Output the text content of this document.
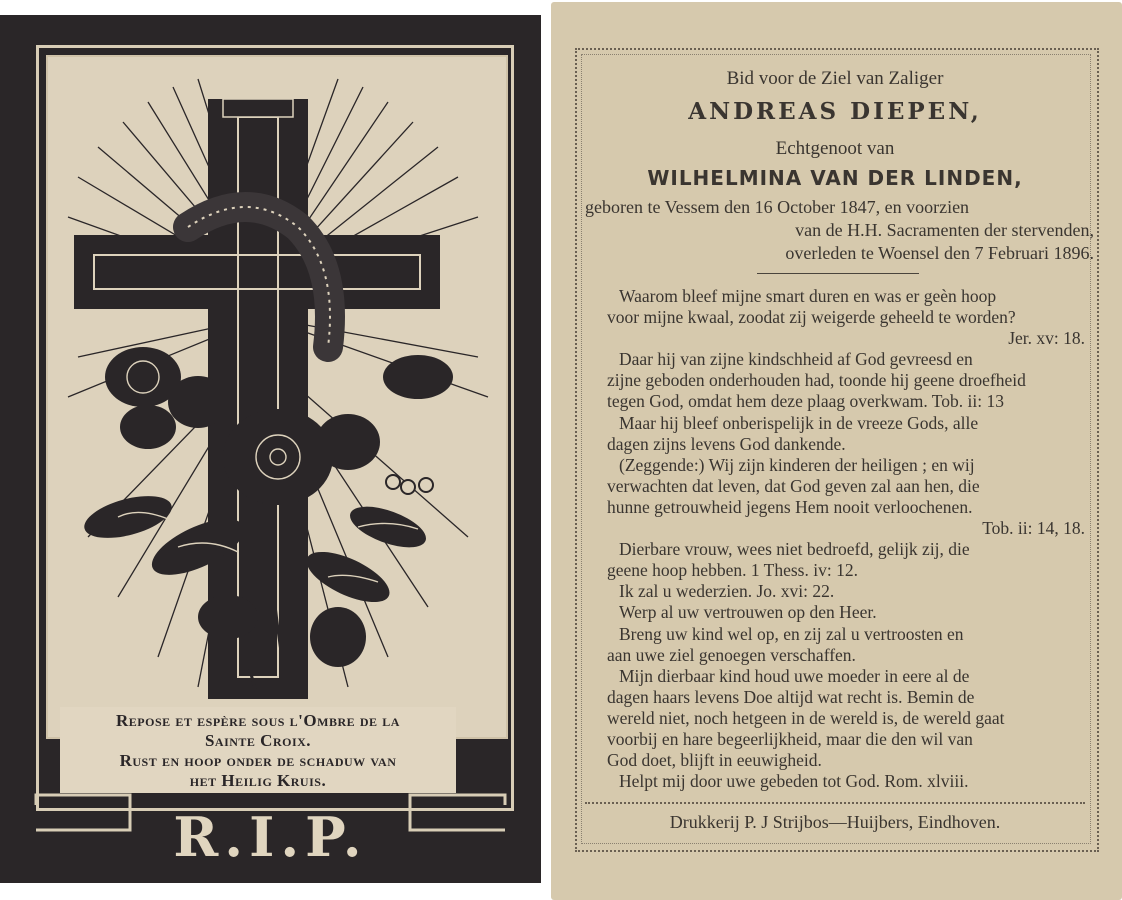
Repose et espère sous l'Ombre de la
Sainte Croix.
Rust en hoop onder de schaduw van
het Heilig Kruis.
R.I.P.
Bid voor de Ziel van Zaliger
ANDREAS DIEPEN,
Echtgenoot van
WILHELMINA VAN DER LINDEN,
geboren te Vessem den 16 October 1847, en voorzien
van de H.H. Sacramenten der stervenden,
overleden te Woensel den 7 Februari 1896.
Waarom bleef mijne smart duren en was er geèn hoop
voor mijne kwaal, zoodat zij weigerde geheeld te worden?
Jer. xv: 18.
Daar hij van zijne kindschheid af God gevreesd en
zijne geboden onderhouden had, toonde hij geene droefheid
tegen God, omdat hem deze plaag overkwam. Tob. ii: 13
Maar hij bleef onberispelijk in de vreeze Gods, alle
dagen zijns levens God dankende.
(Zeggende:) Wij zijn kinderen der heiligen ; en wij
verwachten dat leven, dat God geven zal aan hen, die
hunne getrouwheid jegens Hem nooit verloochenen.
Tob. ii: 14, 18.
Dierbare vrouw, wees niet bedroefd, gelijk zij, die
geene hoop hebben. 1 Thess. iv: 12.
Ik zal u wederzien. Jo. xvi: 22.
Werp al uw vertrouwen op den Heer.
Breng uw kind wel op, en zij zal u vertroosten en
aan uwe ziel genoegen verschaffen.
Mijn dierbaar kind houd uwe moeder in eere al de
dagen haars levens Doe altijd wat recht is. Bemin de
wereld niet, noch hetgeen in de wereld is, de wereld gaat
voorbij en hare begeerlijkheid, maar die den wil van
God doet, blijft in eeuwigheid.
Helpt mij door uwe gebeden tot God. Rom. xlviii.
Drukkerij P. J Strijbos—Huijbers, Eindhoven.
